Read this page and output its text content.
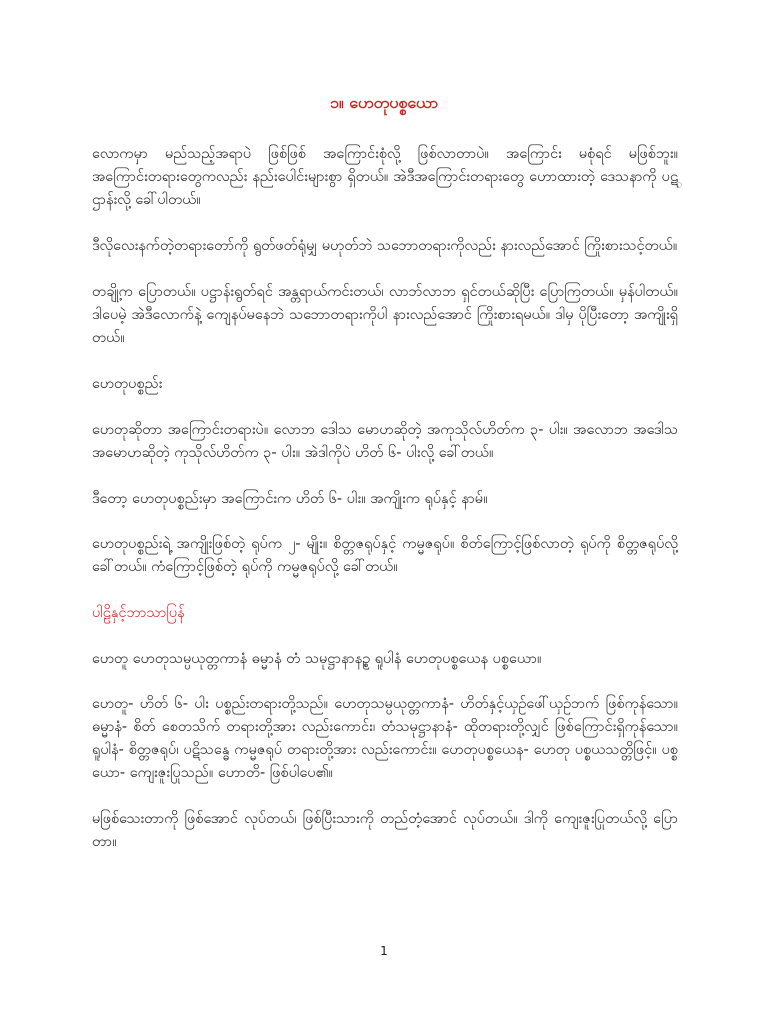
၁။ ဟေတုပစ္စယော

လောကမှာ မည်သည့်အရာပဲ ဖြစ်ဖြစ် အကြောင်းစုံလို့ ဖြစ်လာတာပဲ။ အကြောင်း မစုံရင် မဖြစ်ဘူး။ အကြောင်းတရားတွေကလည်း နည်းပေါင်းများစွာ ရှိတယ်။ အဲဒီအကြောင်းတရားတွေ ဟောထားတဲ့ ဒေသနာကို ပဋ္ဌာန်းလို့ ခေါ်ပါတယ်။

ဒီလိုလေးနက်တဲ့တရားတော်ကို ရွတ်ဖတ်ရုံမျှ မဟုတ်ဘဲ သဘောတရားကိုလည်း နားလည်အောင် ကြိုးစားသင့်တယ်။

တချို့က ပြောတယ်။ ပဋ္ဌာန်းရွတ်ရင် အန္တရာယ်ကင်းတယ်၊ လာဘ်လာဘ ရှင်တယ်ဆိုပြီး ပြောကြတယ်။ မှန်ပါတယ်။ ဒါပေမဲ့ အဲဒီလောက်နဲ့ ကျေနပ်မနေဘဲ သဘောတရားကိုပါ နားလည်အောင် ကြိုးစားရမယ်။ ဒါမှ ပိုပြီးတော့ အကျိုးရှိတယ်။

ဟေတုပစ္စည်း

ဟေတုဆိုတာ အကြောင်းတရားပဲ။ လောဘ ဒေါသ မောဟဆိုတဲ့ အကုသိုလ်ဟိတ်က ၃- ပါး။ အလောဘ အဒေါသ အမောဟဆိုတဲ့ ကုသိုလ်ဟိတ်က ၃- ပါး။ အဲဒါကိုပဲ ဟိတ် ၆- ပါးလို့ ခေါ်တယ်။

ဒီတော့ ဟေတုပစ္စည်းမှာ အကြောင်းက ဟိတ် ၆- ပါး။ အကျိုးက ရုပ်နှင့် နာမ်။

ဟေတုပစ္စည်းရဲ့ အကျိုးဖြစ်တဲ့ ရုပ်က ၂- မျိုး။ စိတ္တဇရုပ်နှင့် ကမ္မဇရုပ်။ စိတ်ကြောင့်ဖြစ်လာတဲ့ ရုပ်ကို စိတ္တဇရုပ်လို့ ခေါ်တယ်။ ကံကြောင့်ဖြစ်တဲ့ ရုပ်ကို ကမ္မဇရုပ်လို့ ခေါ်တယ်။

ပါဠိနှင့်ဘာသာပြန်

ဟေတူ ဟေတုသမ္ပယုတ္တကာနံ ဓမ္မာနံ တံ သမုဋ္ဌာနာနဉ္စ ရူပါနံ ဟေတုပစ္စယေန ပစ္စယော။

ဟေတူ- ဟိတ် ၆- ပါး ပစ္စည်းတရားတို့သည်။ ဟေတုသမ္ပယုတ္တကာနံ- ဟိတ်နှင့်ယှဉ်ဖေါ်ယှဉ်ဘက် ဖြစ်ကုန်သော။ ဓမ္မာနံ- စိတ် စေတသိက် တရားတို့အား လည်းကောင်း၊ တံသမုဋ္ဌာနာနံ- ထိုတရားတို့လျှင် ဖြစ်ကြောင်းရှိကုန်သော။ ရူပါနံ- စိတ္တဇရုပ်၊ ပဋိသန္ဓေ ကမ္မဇရုပ် တရားတို့အား လည်းကောင်း။ ဟေတုပစ္စယေန- ဟေတု ပစ္စယသတ္တိဖြင့်။ ပစ္စယော- ကျေးဇူးပြုသည်။ ဟောတိ- ဖြစ်ပါပေ၏။

မဖြစ်သေးတာကို ဖြစ်အောင် လုပ်တယ်၊ ဖြစ်ပြီးသားကို တည်တံ့အောင် လုပ်တယ်။ ဒါကို ကျေးဇူးပြုတယ်လို့ ပြောတာ။

1
